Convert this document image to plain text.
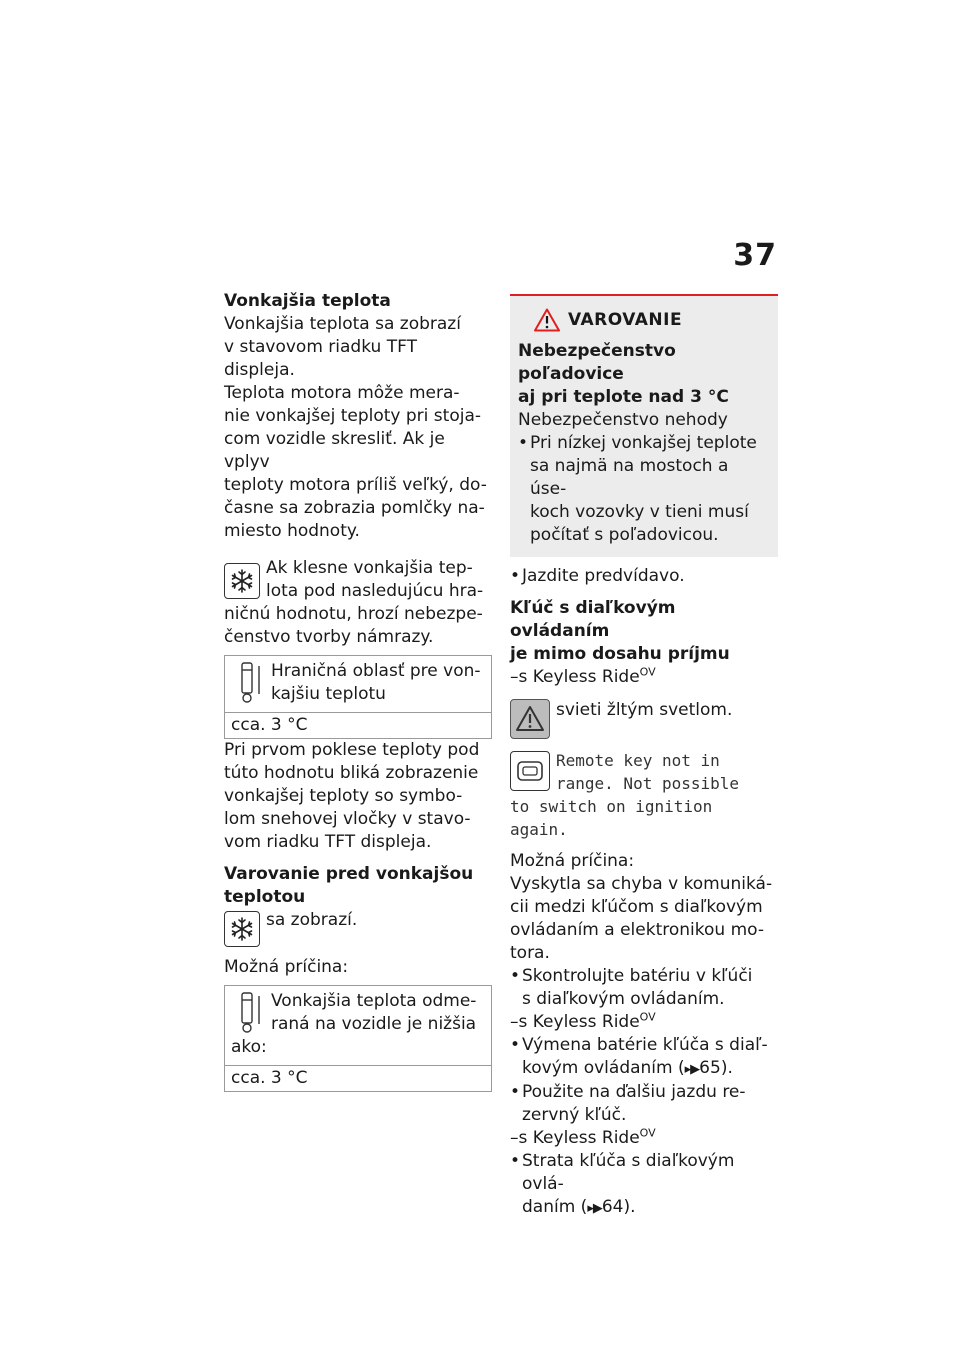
37
Vonkajšia teplota
Vonkajšia teplota sa zobrazí
v stavovom riadku TFT displeja.
Teplota motora môže mera-
nie vonkajšej teploty pri stoja-
com vozidle skresliť. Ak je vplyv
teploty motora príliš veľký, do-
časne sa zobrazia pomlčky na-
miesto hodnoty.
Ak klesne vonkajšia tep-
lota pod nasledujúcu hra-
ničnú hodnotu, hrozí nebezpe-
čenstvo tvorby námrazy.
Hraničná oblasť pre von-
kajšiu teplotu
cca. 3 °C
Pri prvom poklese teploty pod
túto hodnotu bliká zobrazenie
vonkajšej teploty so symbo-
lom snehovej vločky v stavo-
vom riadku TFT displeja.
Varovanie pred vonkajšou
teplotou
sa zobrazí.
Možná príčina:
Vonkajšia teplota odme-
raná na vozidle je nižšia
ako:
cca. 3 °C
VAROVANIE
Nebezpečenstvo poľadovice
aj pri teplote nad 3 °C
Nebezpečenstvo nehody
• Pri nízkej vonkajšej teplote
sa najmä na mostoch a úse-
koch vozovky v tieni musí
počítať s poľadovicou.
• Jazdite predvídavo.
Kľúč s diaľkovým ovládaním
je mimo dosahu príjmu
–s Keyless Ride$^{OV}$
svieti žltým svetlom.
Remote key not in
range. Not possible
to switch on ignition
again.
Možná príčina:
Vyskytla sa chyba v komuniká-
cii medzi kľúčom s diaľkovým
ovládaním a elektronikou mo-
tora.
• Skontrolujte batériu v kľúči
s diaľkovým ovládaním.
–s Keyless Ride$^{OV}$
• Výmena batérie kľúča s diaľ-
kovým ovládaním (▸▶65).
• Použite na ďalšiu jazdu re-
zervný kľúč.
–s Keyless Ride$^{OV}$
• Strata kľúča s diaľkovým ovlá-
daním (▸▶64).
